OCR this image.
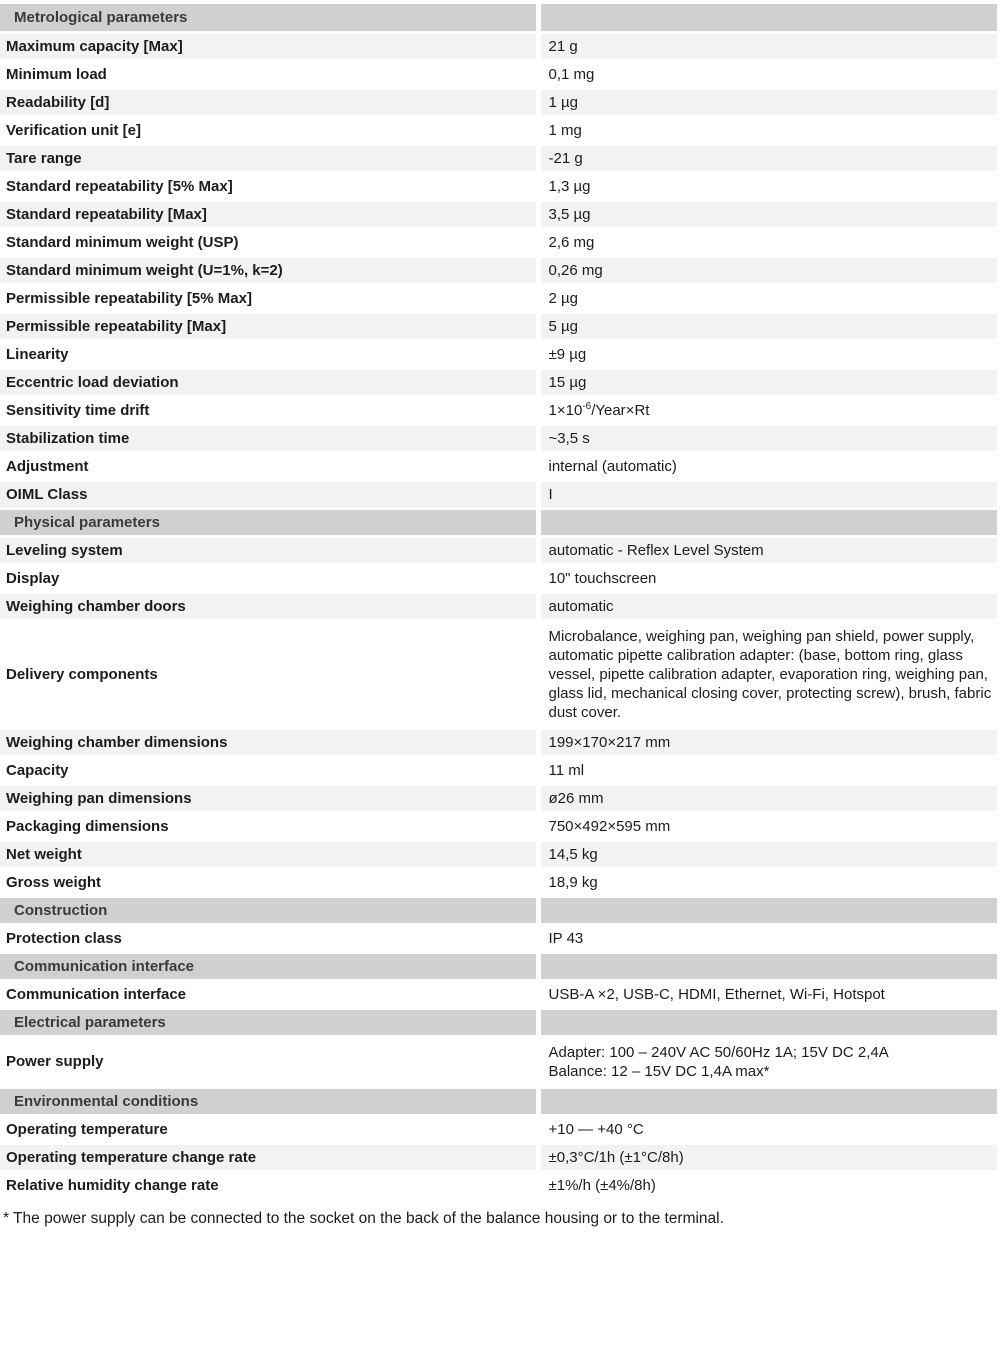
Metrological parameters	
Maximum capacity [Max]	21 g
Minimum load	0,1 mg
Readability [d]	1 µg
Verification unit [e]	1 mg
Tare range	-21 g
Standard repeatability [5% Max]	1,3 µg
Standard repeatability [Max]	3,5 µg
Standard minimum weight (USP)	2,6 mg
Standard minimum weight (U=1%, k=2)	0,26 mg
Permissible repeatability [5% Max]	2 µg
Permissible repeatability [Max]	5 µg
Linearity	±9 µg
Eccentric load deviation	15 µg
Sensitivity time drift	$1\times 10^{-6}/Year\times Rt$
Stabilization time	~3,5 s
Adjustment	internal (automatic)
OIML Class	I
Physical parameters	
Leveling system	automatic - Reflex Level System
Display	10" touchscreen
Weighing chamber doors	automatic
Delivery components	Microbalance, weighing pan, weighing pan shield, power supply, automatic pipette calibration adapter: (base, bottom ring, glass vessel, pipette calibration adapter, evaporation ring, weighing pan, glass lid, mechanical closing cover, protecting screw), brush, fabric dust cover.
Weighing chamber dimensions	199×170×217 mm
Capacity	11 ml
Weighing pan dimensions	ø26 mm
Packaging dimensions	750×492×595 mm
Net weight	14,5 kg
Gross weight	18,9 kg
Construction	
Protection class	IP 43
Communication interface	
Communication interface	USB-A ×2, USB-C, HDMI, Ethernet, Wi-Fi, Hotspot
Electrical parameters	
Power supply	Adapter: 100 – 240V AC 50/60Hz 1A; 15V DC 2,4A
Balance: 12 – 15V DC 1,4A max*

Environmental conditions	
Operating temperature	+10 — +40 °C
Operating temperature change rate	±0,3°C/1h (±1°C/8h)
Relative humidity change rate	±1%/h (±4%/8h)
* The power supply can be connected to the socket on the back of the balance housing or to the terminal.
